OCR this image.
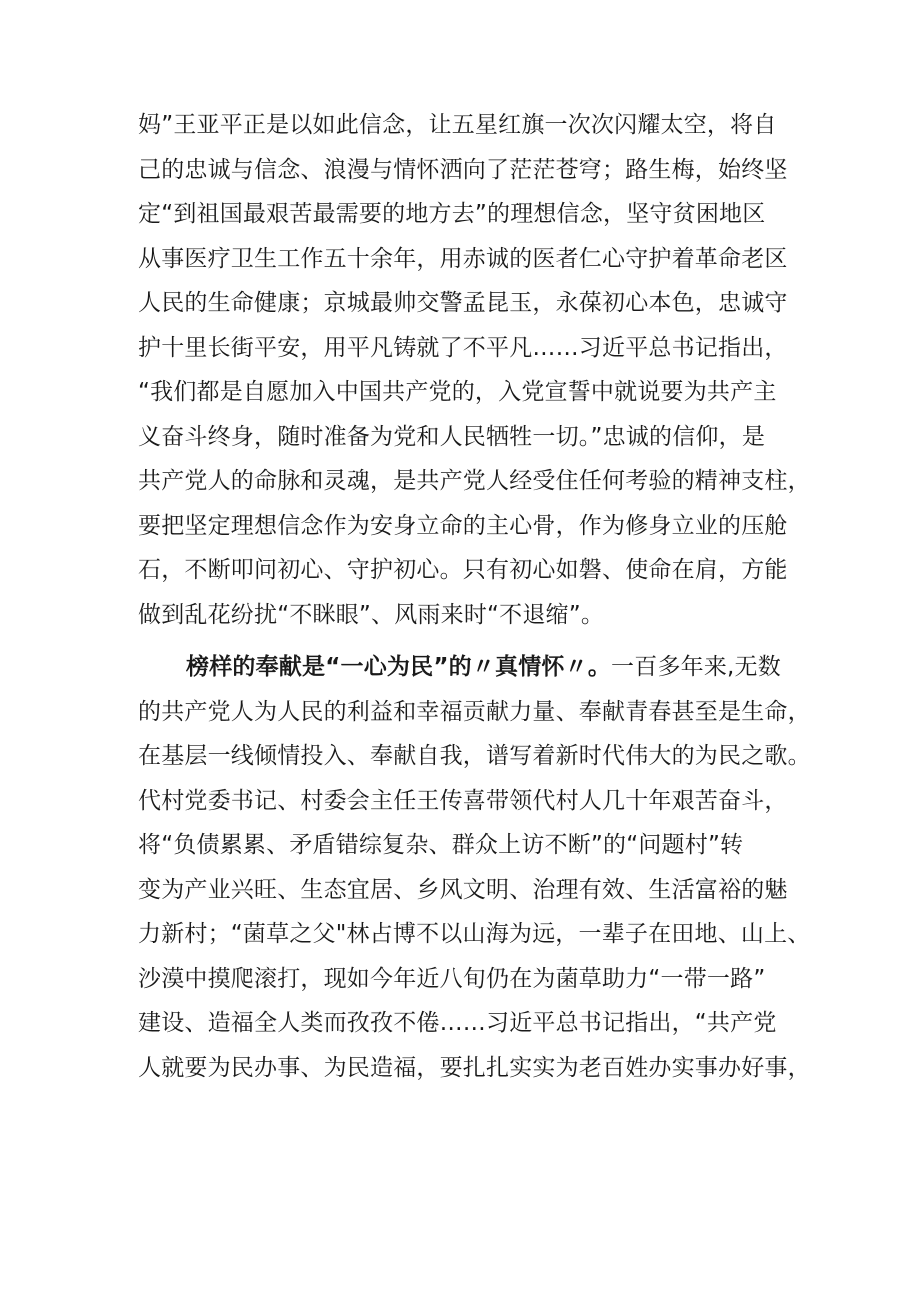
妈”王亚平正是以如此信念，让五星红旗一次次闪耀太空，将自
己的忠诚与信念、浪漫与情怀洒向了茫茫苍穹；路生梅，始终坚
定“到祖国最艰苦最需要的地方去”的理想信念，坚守贫困地区
从事医疗卫生工作五十余年，用赤诚的医者仁心守护着革命老区
人民的生命健康；京城最帅交警孟昆玉，永葆初心本色，忠诚守
护十里长街平安，用平凡铸就了不平凡……习近平总书记指出，
“我们都是自愿加入中国共产党的，入党宣誓中就说要为共产主
义奋斗终身，随时准备为党和人民牺牲一切。”忠诚的信仰，是
共产党人的命脉和灵魂，是共产党人经受住任何考验的精神支柱，
要把坚定理想信念作为安身立命的主心骨，作为修身立业的压舱
石，不断叩问初心、守护初心。只有初心如磐、使命在肩，方能
做到乱花纷扰“不眯眼”、风雨来时“不退缩”。
榜样的奉献是“一心为民”的〃真情怀〃。一百多年来,无数
的共产党人为人民的利益和幸福贡献力量、奉献青春甚至是生命，
在基层一线倾情投入、奉献自我，谱写着新时代伟大的为民之歌。
代村党委书记、村委会主任王传喜带领代村人几十年艰苦奋斗，
将“负债累累、矛盾错综复杂、群众上访不断”的“问题村”转
变为产业兴旺、生态宜居、乡风文明、治理有效、生活富裕的魅
力新村；“菌草之父"林占博不以山海为远，一辈子在田地、山上、
沙漠中摸爬滚打，现如今年近八旬仍在为菌草助力“一带一路”
建设、造福全人类而孜孜不倦……习近平总书记指出，“共产党
人就要为民办事、为民造福，要扎扎实实为老百姓办实事办好事，
